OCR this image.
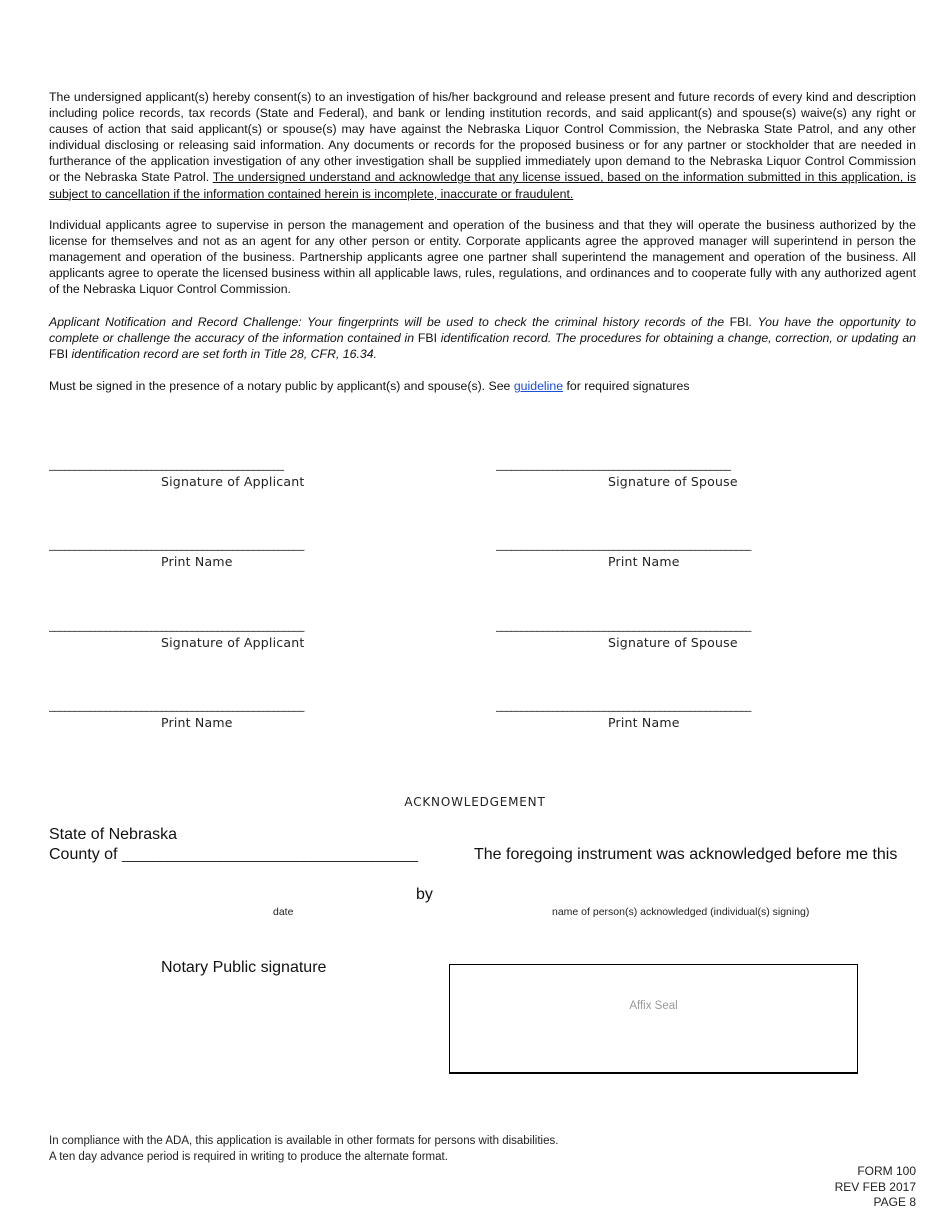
The undersigned applicant(s) hereby consent(s) to an investigation of his/her background and release present and future records of every kind and description including police records, tax records (State and Federal), and bank or lending institution records, and said applicant(s) and spouse(s) waive(s) any right or causes of action that said applicant(s) or spouse(s) may have against the Nebraska Liquor Control Commission, the Nebraska State Patrol, and any other individual disclosing or releasing said information. Any documents or records for the proposed business or for any partner or stockholder that are needed in furtherance of the application investigation of any other investigation shall be supplied immediately upon demand to the Nebraska Liquor Control Commission or the Nebraska State Patrol. The undersigned understand and acknowledge that any license issued, based on the information submitted in this application, is subject to cancellation if the information contained herein is incomplete, inaccurate or fraudulent.

Individual applicants agree to supervise in person the management and operation of the business and that they will operate the business authorized by the license for themselves and not as an agent for any other person or entity. Corporate applicants agree the approved manager will superintend in person the management and operation of the business. Partnership applicants agree one partner shall superintend the management and operation of the business. All applicants agree to operate the licensed business within all applicable laws, rules, regulations, and ordinances and to cooperate fully with any authorized agent of the Nebraska Liquor Control Commission.

Applicant Notification and Record Challenge: Your fingerprints will be used to check the criminal history records of the FBI. You have the opportunity to complete or challenge the accuracy of the information contained in FBI identification record. The procedures for obtaining a change, correction, or updating an FBI identification record are set forth in Title 28, CFR, 16.34.

Must be signed in the presence of a notary public by applicant(s) and spouse(s). See guideline for required signatures

______________________________________________
Signature of Applicant
______________________________________________
Signature of Spouse
__________________________________________________
Print Name
__________________________________________________
Print Name
__________________________________________________
Signature of Applicant
__________________________________________________
Signature of Spouse
__________________________________________________
Print Name
__________________________________________________
Print Name
ACKNOWLEDGEMENT
State of Nebraska
County of _______________________________________	The foregoing instrument was acknowledged before me this
_______________________________________________	by ____________________________________________________________
date	name of person(s) acknowledged (individual(s) signing)
_______________________________________________
Notary Public signature
Affix Seal
In compliance with the ADA, this application is available in other formats for persons with disabilities.
A ten day advance period is required in writing to produce the alternate format.
FORM 100
REV FEB 2017
PAGE 8
